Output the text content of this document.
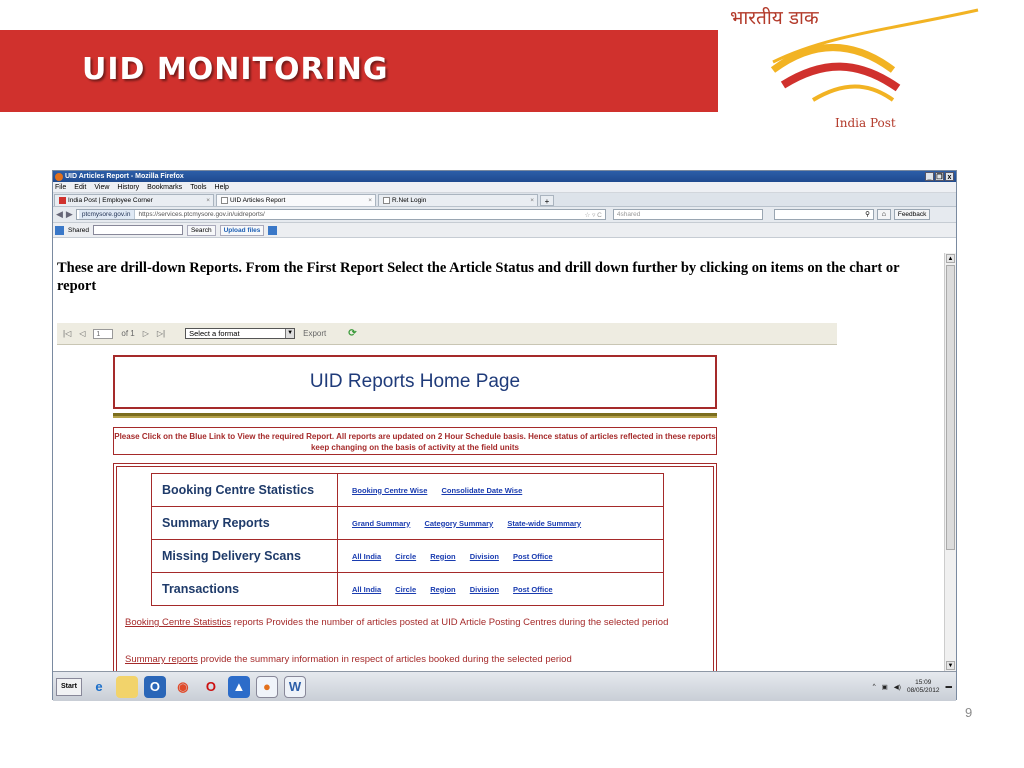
UID MONITORING
भारतीय डाक
India Post
UID Articles Report - Mozilla Firefox	_ ❒ x
File Edit View History Bookmarks Tools Help
India Post | Employee Corner	×	UID Articles Report	×	R.Net Login	×	+
◀ ▶	ptcmysore.gov.in	https://services.ptcmysore.gov.in/uidreports/	☆ ▿ C	4shared	⚲	⌂	Feedback
Shared	Search	Upload files
These are drill-down Reports. From the First Report Select the Article Status and drill down further by clicking on items on the chart or report
|◁ ◁	1	of 1 ▷ ▷|	Select a format	▼ Export ⟳
UID Reports Home Page
Please Click on the Blue Link to View the required Report. All reports are updated on 2 Hour Schedule basis. Hence status of articles reflected in these reports keep changing on the basis of activity at the field units
Booking Centre Statistics	Booking Centre Wise Consolidate Date Wise
Summary Reports	Grand Summary Category Summary State-wide Summary
Missing Delivery Scans	All India Circle Region Division Post Office
Transactions	All India Circle Region Division Post Office
Booking Centre Statistics reports Provides the number of articles posted at UID Article Posting Centres during the selected period
Summary reports provide the summary information in respect of articles booked during the selected period
▲
▼
Start	e	O	◉	O	▲	●	W	^ ▣ ◀)
15:09
08/05/2012 ▬
9
